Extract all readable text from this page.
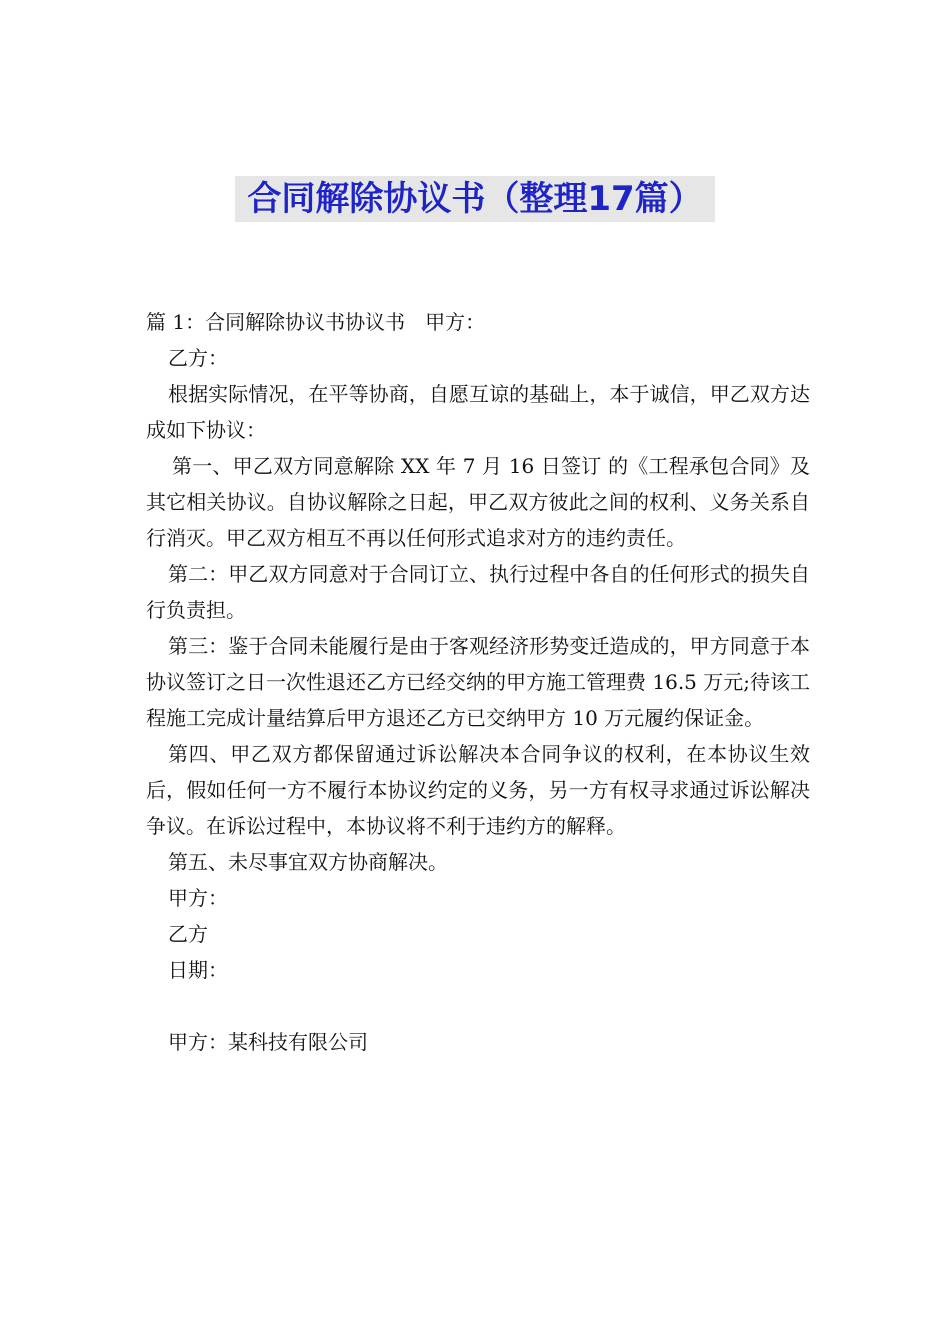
合同解除协议书（整理17篇）

篇 1：合同解除协议书协议书　甲方：

乙方：

根据实际情况，在平等协商，自愿互谅的基础上，本于诚信，甲乙双方达成如下协议：

第一、甲乙双方同意解除 XX 年 7 月 16 日签订 的《工程承包合同》及其它相关协议。自协议解除之日起，甲乙双方彼此之间的权利、义务关系自行消灭。甲乙双方相互不再以任何形式追求对方的违约责任。

第二：甲乙双方同意对于合同订立、执行过程中各自的任何形式的损失自行负责担。

第三：鉴于合同未能履行是由于客观经济形势变迁造成的，甲方同意于本协议签订之日一次性退还乙方已经交纳的甲方施工管理费 16.5 万元;待该工程施工完成计量结算后甲方退还乙方已交纳甲方 10 万元履约保证金。

第四、甲乙双方都保留通过诉讼解决本合同争议的权利，在本协议生效后，假如任何一方不履行本协议约定的义务，另一方有权寻求通过诉讼解决争议。在诉讼过程中，本协议将不利于违约方的解释。

第五、未尽事宜双方协商解决。

甲方：

乙方

日期：

甲方：某科技有限公司
